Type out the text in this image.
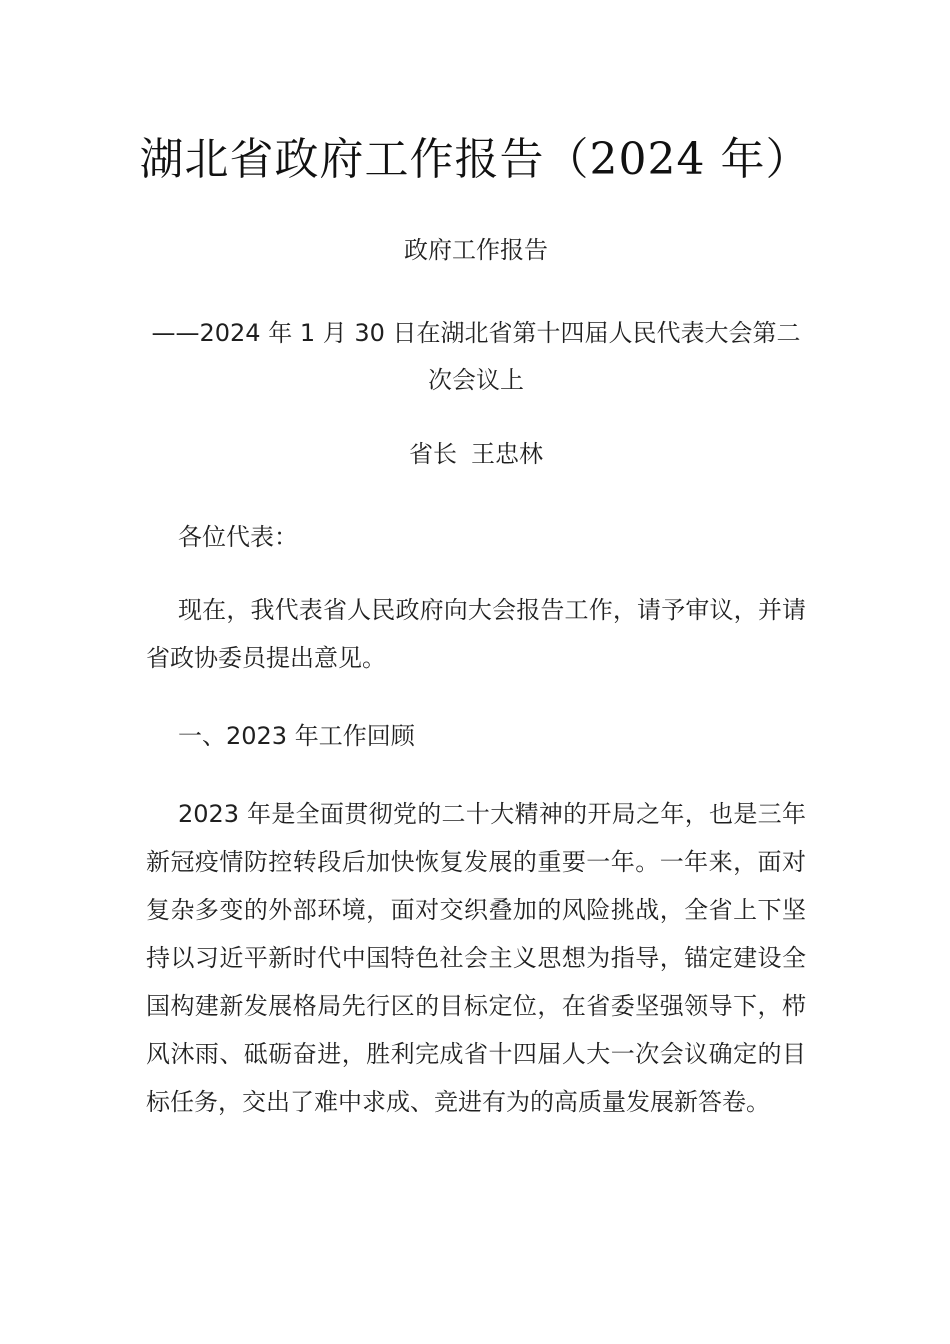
湖北省政府工作报告（2024 年）
政府工作报告
——2024 年 1 月 30 日在湖北省第十四届人民代表大会第二次会议上
省长 王忠林

各位代表：

现在，我代表省人民政府向大会报告工作，请予审议，并请省政协委员提出意见。

一、2023 年工作回顾

2023 年是全面贯彻党的二十大精神的开局之年，也是三年新冠疫情防控转段后加快恢复发展的重要一年。一年来，面对复杂多变的外部环境，面对交织叠加的风险挑战，全省上下坚持以习近平新时代中国特色社会主义思想为指导，锚定建设全国构建新发展格局先行区的目标定位，在省委坚强领导下，栉风沐雨、砥砺奋进，胜利完成省十四届人大一次会议确定的目标任务，交出了难中求成、竞进有为的高质量发展新答卷。
